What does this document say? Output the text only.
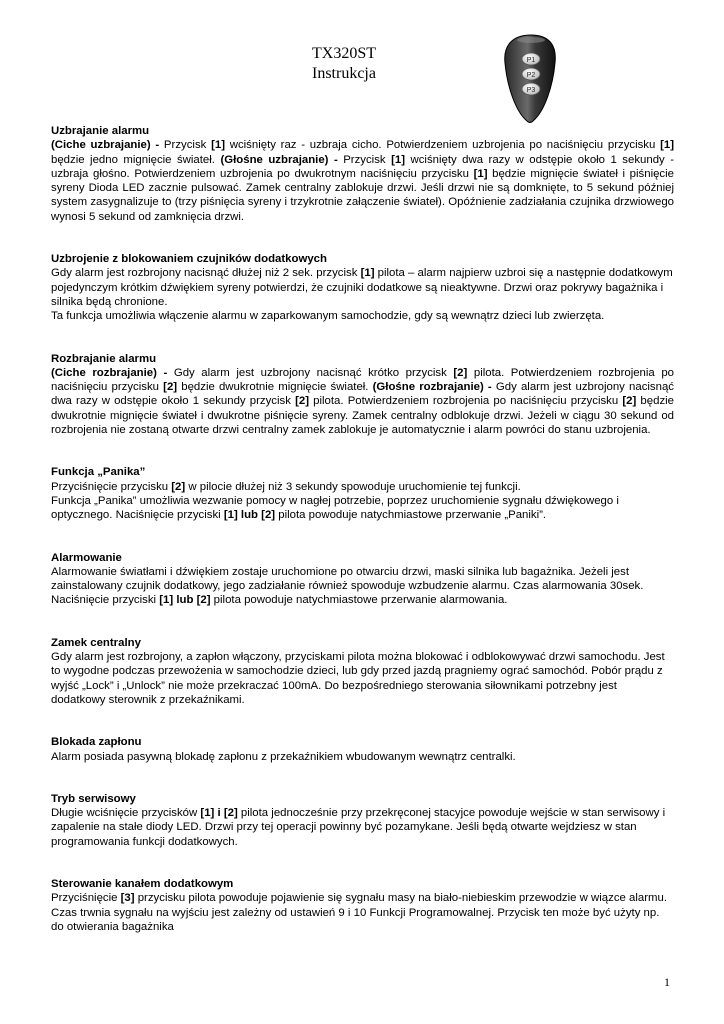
TX320ST
Instrukcja
P1
P2
P3
Uzbrajanie alarmu

(Ciche uzbrajanie) - Przycisk [1] wciśnięty raz - uzbraja cicho. Potwierdzeniem uzbrojenia po naciśnięciu przycisku [1] będzie jedno mignięcie świateł. (Głośne uzbrajanie) - Przycisk [1] wciśnięty dwa razy w odstępie około 1 sekundy - uzbraja głośno. Potwierdzeniem uzbrojenia po dwukrotnym naciśnięciu przycisku [1] będzie mignięcie świateł i piśnięcie syreny Dioda LED zacznie pulsować. Zamek centralny zablokuje drzwi. Jeśli drzwi nie są domknięte, to 5 sekund później system zasygnalizuje to (trzy piśnięcia syreny i trzykrotnie załączenie świateł). Opóźnienie zadziałania czujnika drzwiowego wynosi 5 sekund od zamknięcia drzwi.

Uzbrojenie z blokowaniem czujników dodatkowych

Gdy alarm jest rozbrojony nacisnąć dłużej niż 2 sek. przycisk [1] pilota – alarm najpierw uzbroi się a następnie dodatkowym pojedynczym krótkim dźwiękiem syreny potwierdzi, że czujniki dodatkowe są nieaktywne. Drzwi oraz pokrywy bagażnika i silnika będą chronione.

Ta funkcja umożliwia włączenie alarmu w zaparkowanym samochodzie, gdy są wewnątrz dzieci lub zwierzęta.

Rozbrajanie alarmu

(Ciche rozbrajanie) - Gdy alarm jest uzbrojony nacisnąć krótko przycisk [2] pilota. Potwierdzeniem rozbrojenia po naciśnięciu przycisku [2] będzie dwukrotnie mignięcie świateł. (Głośne rozbrajanie) - Gdy alarm jest uzbrojony nacisnąć dwa razy w odstępie około 1 sekundy przycisk [2] pilota. Potwierdzeniem rozbrojenia po naciśnięciu przycisku [2] będzie dwukrotnie mignięcie świateł i dwukrotne piśnięcie syreny. Zamek centralny odblokuje drzwi. Jeżeli w ciągu 30 sekund od rozbrojenia nie zostaną otwarte drzwi centralny zamek zablokuje je automatycznie i alarm powróci do stanu uzbrojenia.

Funkcja „Panika”

Przyciśnięcie przycisku [2] w pilocie dłużej niż 3 sekundy spowoduje uruchomienie tej funkcji.

Funkcja „Panika” umożliwia wezwanie pomocy w nagłej potrzebie, poprzez uruchomienie sygnału dźwiękowego i optycznego. Naciśnięcie przyciski [1] lub [2] pilota powoduje natychmiastowe przerwanie „Paniki”.

Alarmowanie

Alarmowanie światłami i dźwiękiem zostaje uruchomione po otwarciu drzwi, maski silnika lub bagażnika. Jeżeli jest zainstalowany czujnik dodatkowy, jego zadziałanie również spowoduje wzbudzenie alarmu. Czas alarmowania 30sek. Naciśnięcie przyciski [1] lub [2] pilota powoduje natychmiastowe przerwanie alarmowania.

Zamek centralny

Gdy alarm jest rozbrojony, a zapłon włączony, przyciskami pilota można blokować i odblokowywać drzwi samochodu. Jest to wygodne podczas przewożenia w samochodzie dzieci, lub gdy przed jazdą pragniemy ograć samochód. Pobór prądu z wyjść „Lock” i „Unlock” nie może przekraczać 100mA. Do bezpośredniego sterowania siłownikami potrzebny jest dodatkowy sterownik z przekaźnikami.

Blokada zapłonu

Alarm posiada pasywną blokadę zapłonu z przekaźnikiem wbudowanym wewnątrz centralki.

Tryb serwisowy

Długie wciśnięcie przycisków [1] i [2] pilota jednocześnie przy przekręconej stacyjce powoduje wejście w stan serwisowy i zapalenie na stałe diody LED. Drzwi przy tej operacji powinny być pozamykane. Jeśli będą otwarte wejdziesz w stan programowania funkcji dodatkowych.

Sterowanie kanałem dodatkowym

Przyciśnięcie [3] przycisku pilota powoduje pojawienie się sygnału masy na biało-niebieskim przewodzie w wiązce alarmu. Czas trwnia sygnału na wyjściu jest zależny od ustawień 9 i 10 Funkcji Programowalnej. Przycisk ten może być użyty np. do otwierania bagażnika

1
